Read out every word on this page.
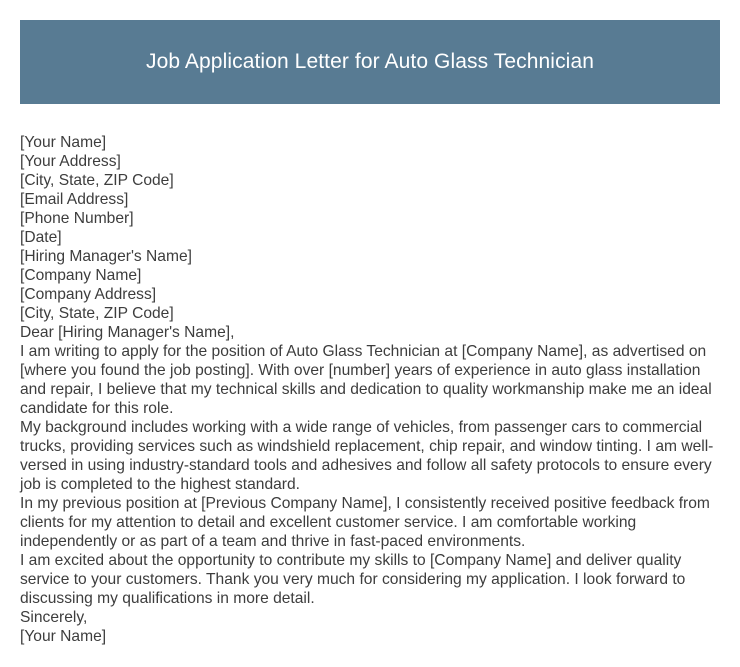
Job Application Letter for Auto Glass Technician
[Your Name]
[Your Address]
[City, State, ZIP Code]
[Email Address]
[Phone Number]
[Date]
[Hiring Manager's Name]
[Company Name]
[Company Address]
[City, State, ZIP Code]
Dear [Hiring Manager's Name],

I am writing to apply for the position of Auto Glass Technician at [Company Name], as advertised on [where you found the job posting]. With over [number] years of experience in auto glass installation and repair, I believe that my technical skills and dedication to quality workmanship make me an ideal candidate for this role.

My background includes working with a wide range of vehicles, from passenger cars to commercial trucks, providing services such as windshield replacement, chip repair, and window tinting. I am well-versed in using industry-standard tools and adhesives and follow all safety protocols to ensure every job is completed to the highest standard.

In my previous position at [Previous Company Name], I consistently received positive feedback from clients for my attention to detail and excellent customer service. I am comfortable working independently or as part of a team and thrive in fast-paced environments.

I am excited about the opportunity to contribute my skills to [Company Name] and deliver quality service to your customers. Thank you very much for considering my application. I look forward to discussing my qualifications in more detail.

Sincerely,
[Your Name]
